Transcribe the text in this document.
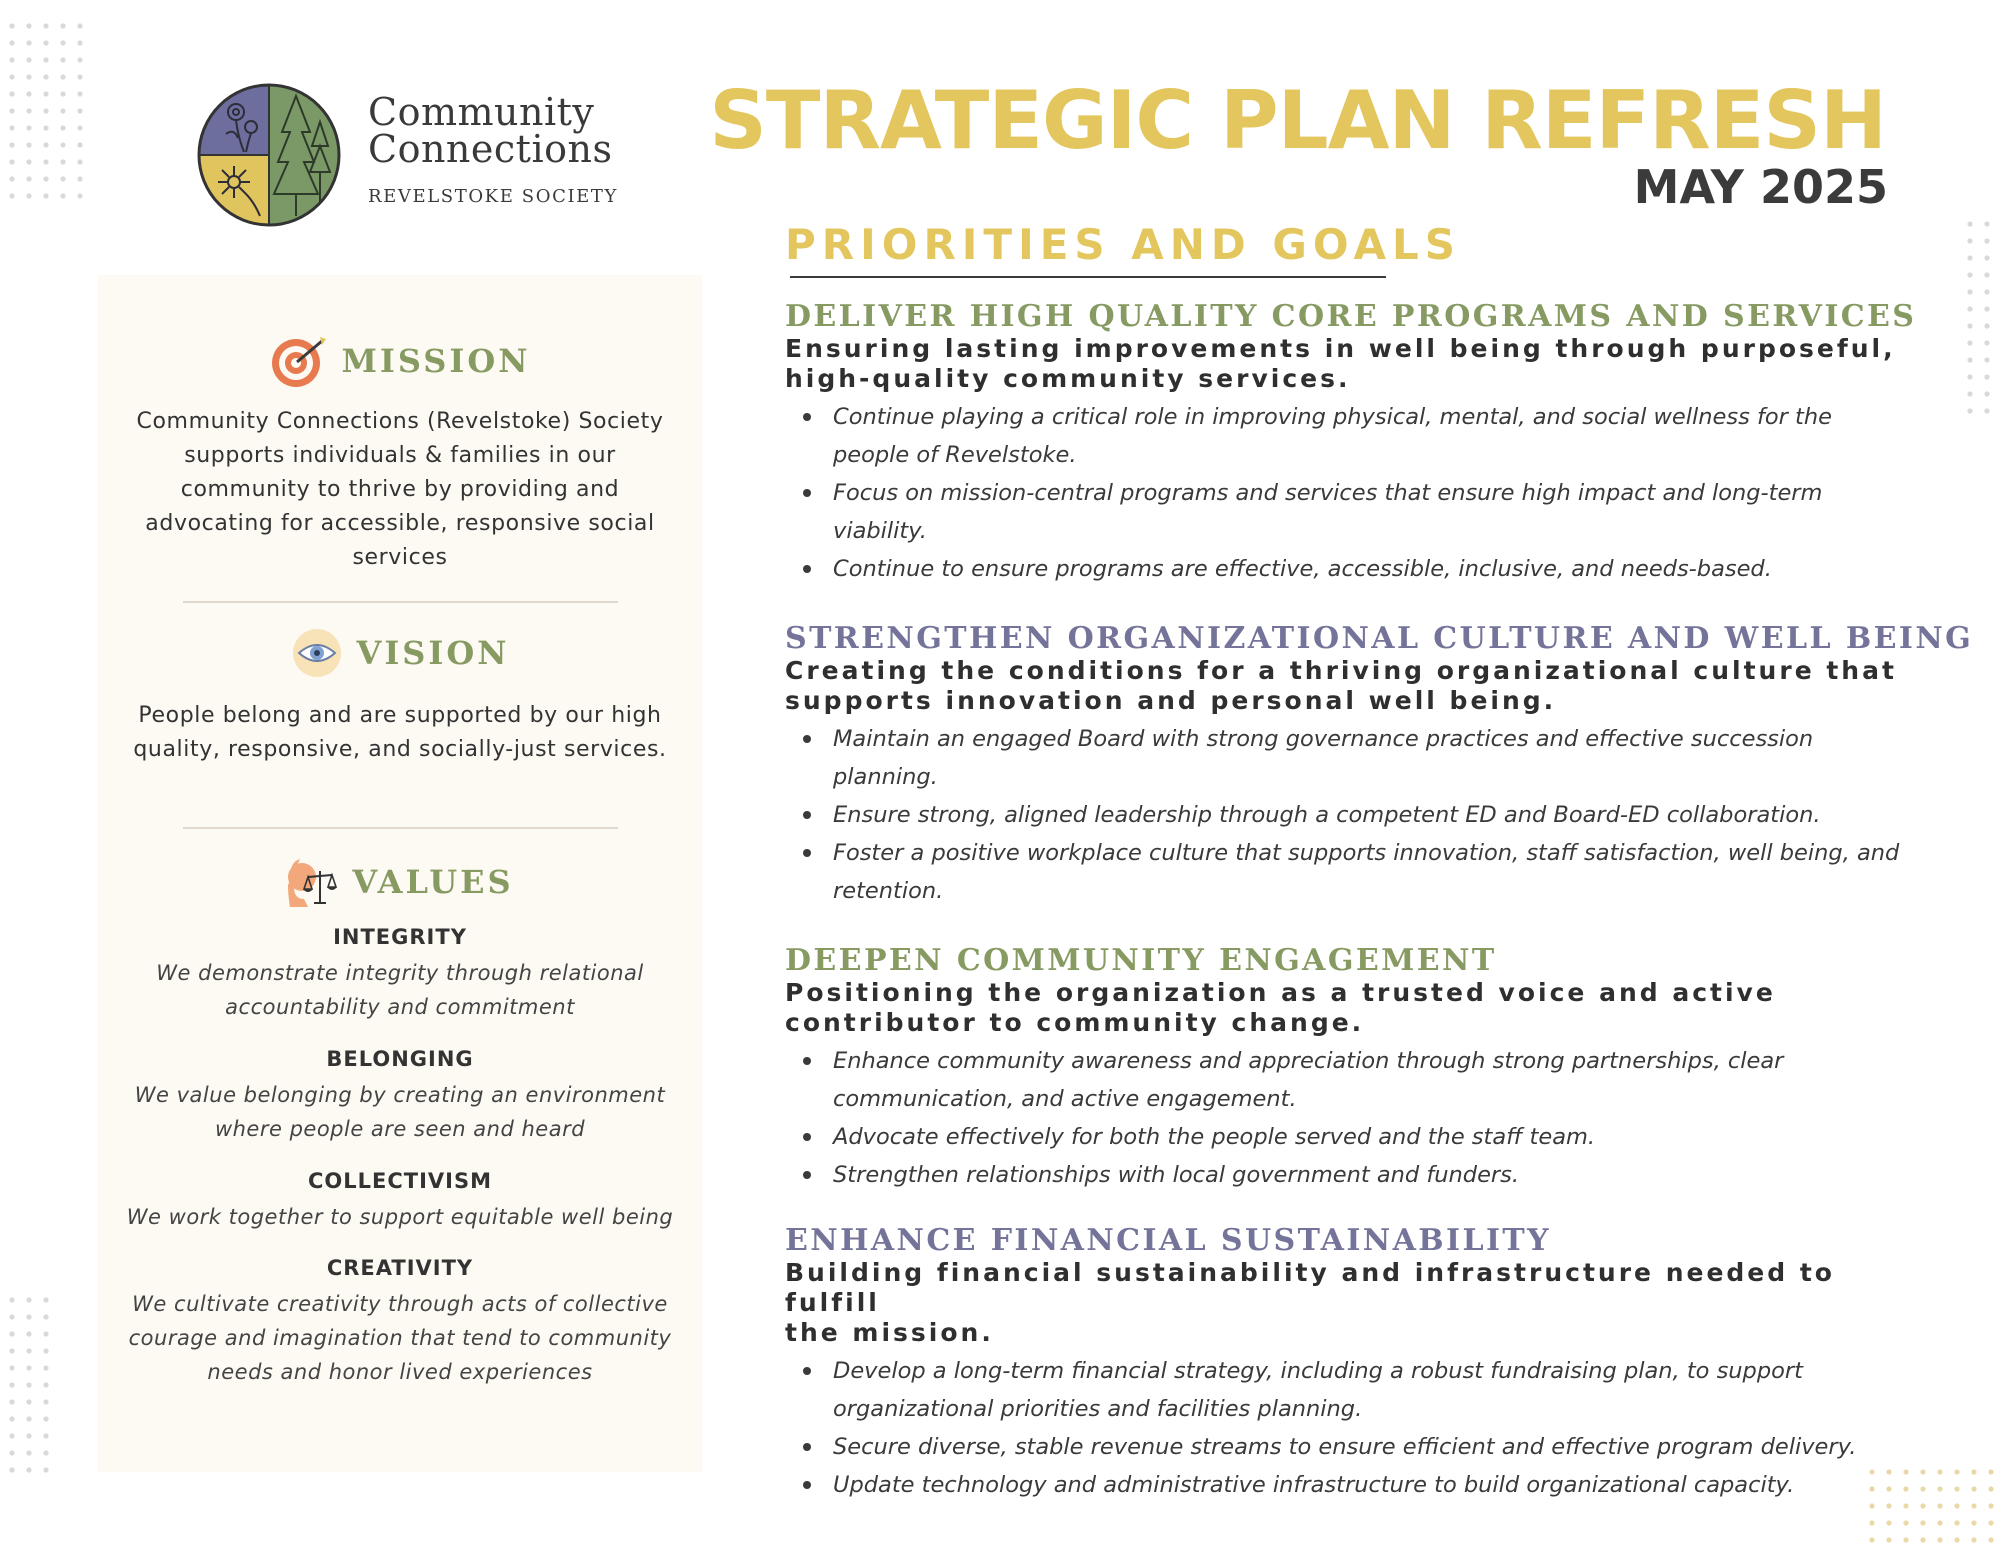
Community
Connections
REVELSTOKE SOCIETY
STRATEGIC PLAN REFRESH
MAY 2025
MISSION
Community Connections (Revelstoke) Society supports individuals & families in our community to thrive by providing and advocating for accessible, responsive social services
VISION
People belong and are supported by our high quality, responsive, and socially-just services.
VALUES
INTEGRITY
We demonstrate integrity through relational accountability and commitment
BELONGING
We value belonging by creating an environment where people are seen and heard
COLLECTIVISM
We work together to support equitable well being
CREATIVITY
We cultivate creativity through acts of collective courage and imagination that tend to community needs and honor lived experiences
PRIORITIES AND GOALS
DELIVER HIGH QUALITY CORE PROGRAMS AND SERVICES
Ensuring lasting improvements in well being through purposeful,
high-quality community services.
Continue playing a critical role in improving physical, mental, and social wellness for the people of Revelstoke.
Focus on mission-central programs and services that ensure high impact and long-term viability.
Continue to ensure programs are effective, accessible, inclusive, and needs-based.
STRENGTHEN ORGANIZATIONAL CULTURE AND WELL BEING
Creating the conditions for a thriving organizational culture that
supports innovation and personal well being.
Maintain an engaged Board with strong governance practices and effective succession planning.
Ensure strong, aligned leadership through a competent ED and Board-ED collaboration.
Foster a positive workplace culture that supports innovation, staff satisfaction, well being, and retention.
DEEPEN COMMUNITY ENGAGEMENT
Positioning the organization as a trusted voice and active
contributor to community change.
Enhance community awareness and appreciation through strong partnerships, clear communication, and active engagement.
Advocate effectively for both the people served and the staff team.
Strengthen relationships with local government and funders.
ENHANCE FINANCIAL SUSTAINABILITY
Building financial sustainability and infrastructure needed to fulfill
the mission.
Develop a long-term financial strategy, including a robust fundraising plan, to support organizational priorities and facilities planning.
Secure diverse, stable revenue streams to ensure efficient and effective program delivery.
Update technology and administrative infrastructure to build organizational capacity.
